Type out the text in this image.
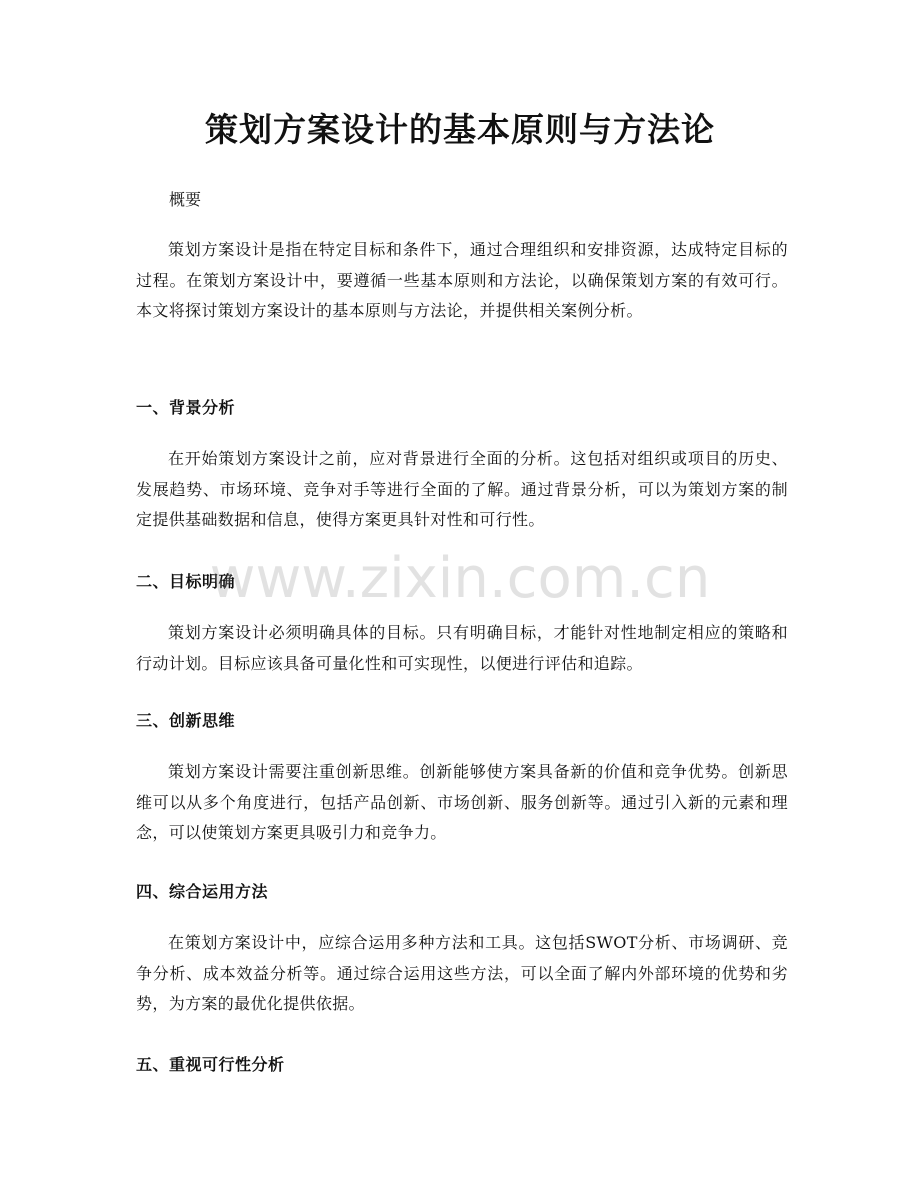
策划方案设计的基本原则与方法论
概要
策划方案设计是指在特定目标和条件下，通过合理组织和安排资源，达成特定目标的过程。在策划方案设计中，要遵循一些基本原则和方法论，以确保策划方案的有效可行。本文将探讨策划方案设计的基本原则与方法论，并提供相关案例分析。
一、背景分析
在开始策划方案设计之前，应对背景进行全面的分析。这包括对组织或项目的历史、发展趋势、市场环境、竞争对手等进行全面的了解。通过背景分析，可以为策划方案的制定提供基础数据和信息，使得方案更具针对性和可行性。
二、目标明确
策划方案设计必须明确具体的目标。只有明确目标，才能针对性地制定相应的策略和行动计划。目标应该具备可量化性和可实现性，以便进行评估和追踪。
三、创新思维
策划方案设计需要注重创新思维。创新能够使方案具备新的价值和竞争优势。创新思维可以从多个角度进行，包括产品创新、市场创新、服务创新等。通过引入新的元素和理念，可以使策划方案更具吸引力和竞争力。
四、综合运用方法
在策划方案设计中，应综合运用多种方法和工具。这包括SWOT分析、市场调研、竞争分析、成本效益分析等。通过综合运用这些方法，可以全面了解内外部环境的优势和劣势，为方案的最优化提供依据。
五、重视可行性分析
www.zixin.com.cn
